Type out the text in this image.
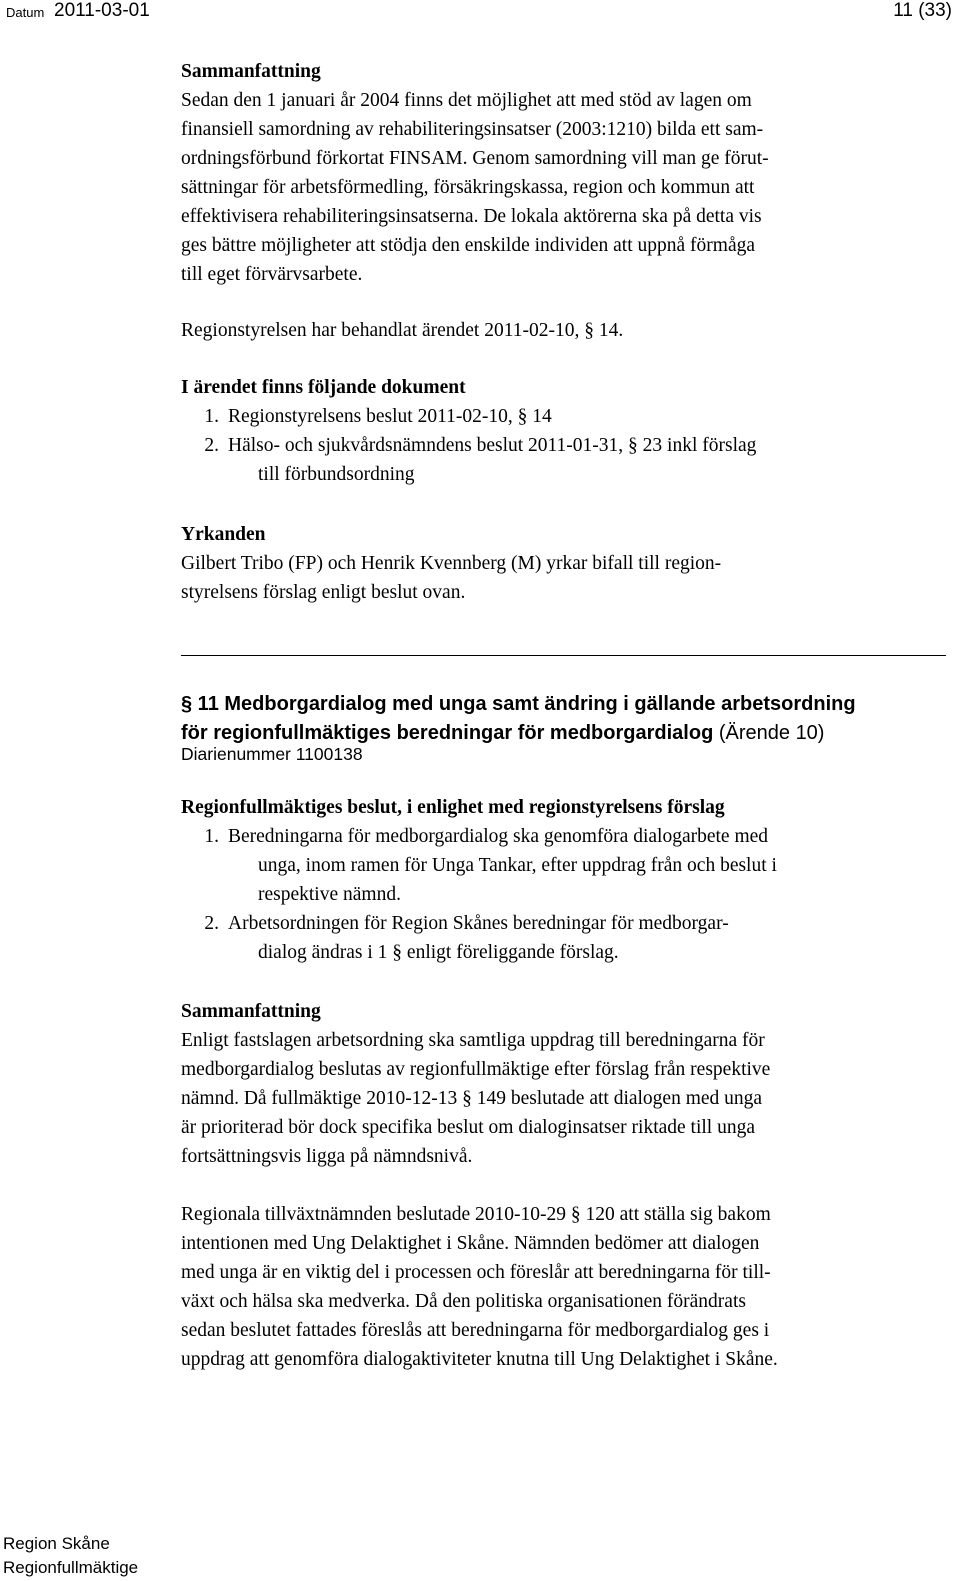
Datum 2011-03-01	11 (33)
Sammanfattning
Sedan den 1 januari år 2004 finns det möjlighet att med stöd av lagen om
finansiell samordning av rehabiliteringsinsatser (2003:1210) bilda ett sam-
ordningsförbund förkortat FINSAM. Genom samordning vill man ge förut-
sättningar för arbetsförmedling, försäkringskassa, region och kommun att
effektivisera rehabiliteringsinsatserna. De lokala aktörerna ska på detta vis
ges bättre möjligheter att stödja den enskilde individen att uppnå förmåga
till eget förvärvsarbete.
Regionstyrelsen har behandlat ärendet 2011-02-10, § 14.
I ärendet finns följande dokument
1. Regionstyrelsens beslut 2011-02-10, § 14
2. Hälso- och sjukvårdsnämndens beslut 2011-01-31, § 23 inkl förslag
till förbundsordning
Yrkanden
Gilbert Tribo (FP) och Henrik Kvennberg (M) yrkar bifall till region-
styrelsens förslag enligt beslut ovan.
§ 11 Medborgardialog med unga samt ändring i gällande arbetsordning
för regionfullmäktiges beredningar för medborgardialog (Ärende 10)
Diarienummer 1100138
Regionfullmäktiges beslut, i enlighet med regionstyrelsens förslag
1. Beredningarna för medborgardialog ska genomföra dialogarbete med
unga, inom ramen för Unga Tankar, efter uppdrag från och beslut i
respektive nämnd.
2. Arbetsordningen för Region Skånes beredningar för medborgar-
dialog ändras i 1 § enligt föreliggande förslag.
Sammanfattning
Enligt fastslagen arbetsordning ska samtliga uppdrag till beredningarna för
medborgardialog beslutas av regionfullmäktige efter förslag från respektive
nämnd. Då fullmäktige 2010-12-13 § 149 beslutade att dialogen med unga
är prioriterad bör dock specifika beslut om dialoginsatser riktade till unga
fortsättningsvis ligga på nämndsnivå.
Regionala tillväxtnämnden beslutade 2010-10-29 § 120 att ställa sig bakom
intentionen med Ung Delaktighet i Skåne. Nämnden bedömer att dialogen
med unga är en viktig del i processen och föreslår att beredningarna för till-
växt och hälsa ska medverka. Då den politiska organisationen förändrats
sedan beslutet fattades föreslås att beredningarna för medborgardialog ges i
uppdrag att genomföra dialogaktiviteter knutna till Ung Delaktighet i Skåne.
Region Skåne
Regionfullmäktige
